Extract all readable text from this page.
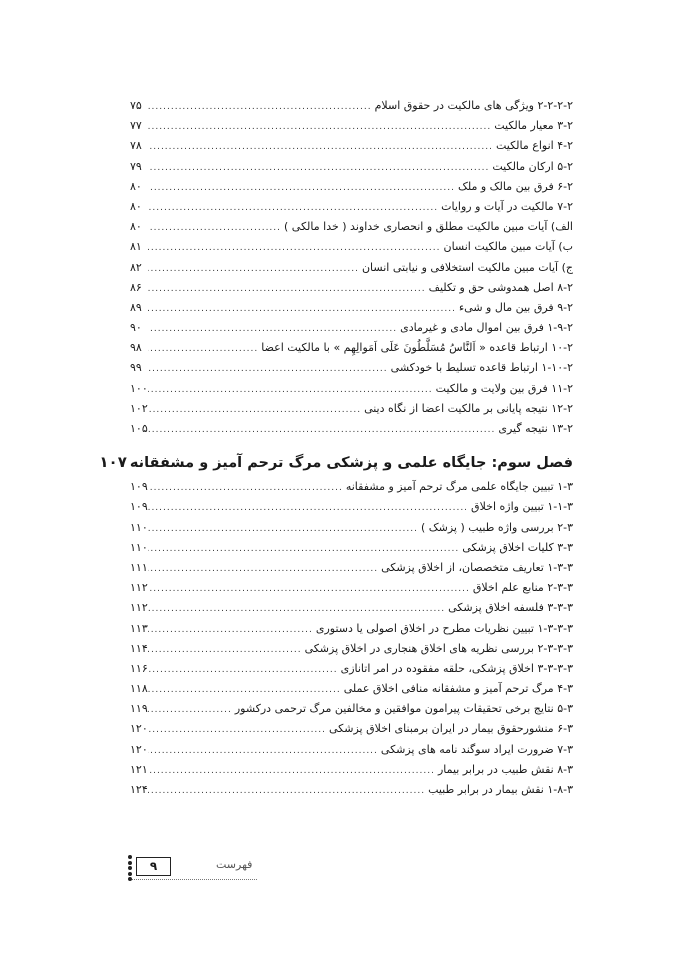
۲-۲-۲-۲ ویژگی های مالکیت در حقوق اسلام
.....
۷۵
۳-۲ معیار مالکیت
.....
۷۷
۴-۲ انواع مالکیت
.....
۷۸
۵-۲ ارکان مالکیت
.....
۷۹
۶-۲ فرق بین مالک و ملک
.....
۸۰
۷-۲ مالکیت در آیات و روایات
.....
۸۰
الف) آیات مبین مالکیت مطلق و انحصاری خداوند ( خدا مالکی )
.....
۸۰
ب) آیات مبین مالکیت انسان
.....
۸۱
ج) آیات مبین مالکیت استخلافی و نیابتی انسان
.....
۸۲
۸-۲ اصل همدوشی حق و تکلیف
.....
۸۶
۹-۲ فرق بین مال و شیء
.....
۸۹
۱-۹-۲ فرق بین اموال مادی و غیرمادی
.....
۹۰
۱۰-۲ ارتباط قاعده « اَلنَّاسُ مُسَلَّطُونَ عَلَی اَمَوالِهِم » با مالکیت اعضا
.....
۹۸
۱-۱۰-۲ ارتباط قاعده تسلیط با خودکشی
.....
۹۹
۱۱-۲ فرق بین ولایت و مالکیت
.....
۱۰۰
۱۲-۲ نتیجه پایانی بر مالکیت اعضا از نگاه دینی
.....
۱۰۲
۱۳-۲ نتیجه گیری
.....
۱۰۵
فصل سوم: جایگاه علمی و پزشکی مرگ ترحم آمیز و مشفقانه
۱۰۷
۱-۳ تبیین جایگاه علمی مرگ ترحم آمیز و مشفقانه
.....
۱۰۹
۱-۱-۳ تبیین واژه اخلاق
.....
۱۰۹
۲-۳ بررسی واژه طبیب ( پزشک )
.....
۱۱۰
۳-۳ کلیات اخلاق پزشکی
.....
۱۱۰
۱-۳-۳ تعاریف متخصصان، از اخلاق پزشکی
.....
۱۱۱
۲-۳-۳ منابع علم اخلاق
.....
۱۱۲
۳-۳-۳ فلسفه اخلاق پزشکی
.....
۱۱۲
۱-۳-۳-۳ تبیین نظریات مطرح در اخلاق اصولی یا دستوری
.....
۱۱۳
۲-۳-۳-۳ بررسی نظریه های اخلاق هنجاری در اخلاق پزشکی
.....
۱۱۴
۳-۳-۳-۳ اخلاق پزشکی، حلقه مفقوده در امر اتانازی
.....
۱۱۶
۴-۳ مرگ ترحم آمیز و مشفقانه منافی اخلاق عملی
.....
۱۱۸
۵-۳ نتایج برخی تحقیقات پیرامون موافقین و مخالفین مرگ ترحمی درکشور
.....
۱۱۹
۶-۳ منشورحقوق بیمار در ایران برمبنای اخلاق پزشکی
.....
۱۲۰
۷-۳ ضرورت ایراد سوگند نامه های پزشکی
.....
۱۲۰
۸-۳ نقش طبیب در برابر بیمار
.....
۱۲۱
۱-۸-۳ نقش بیمار در برابر طبیب
.....
۱۲۴
۹	فهرست
